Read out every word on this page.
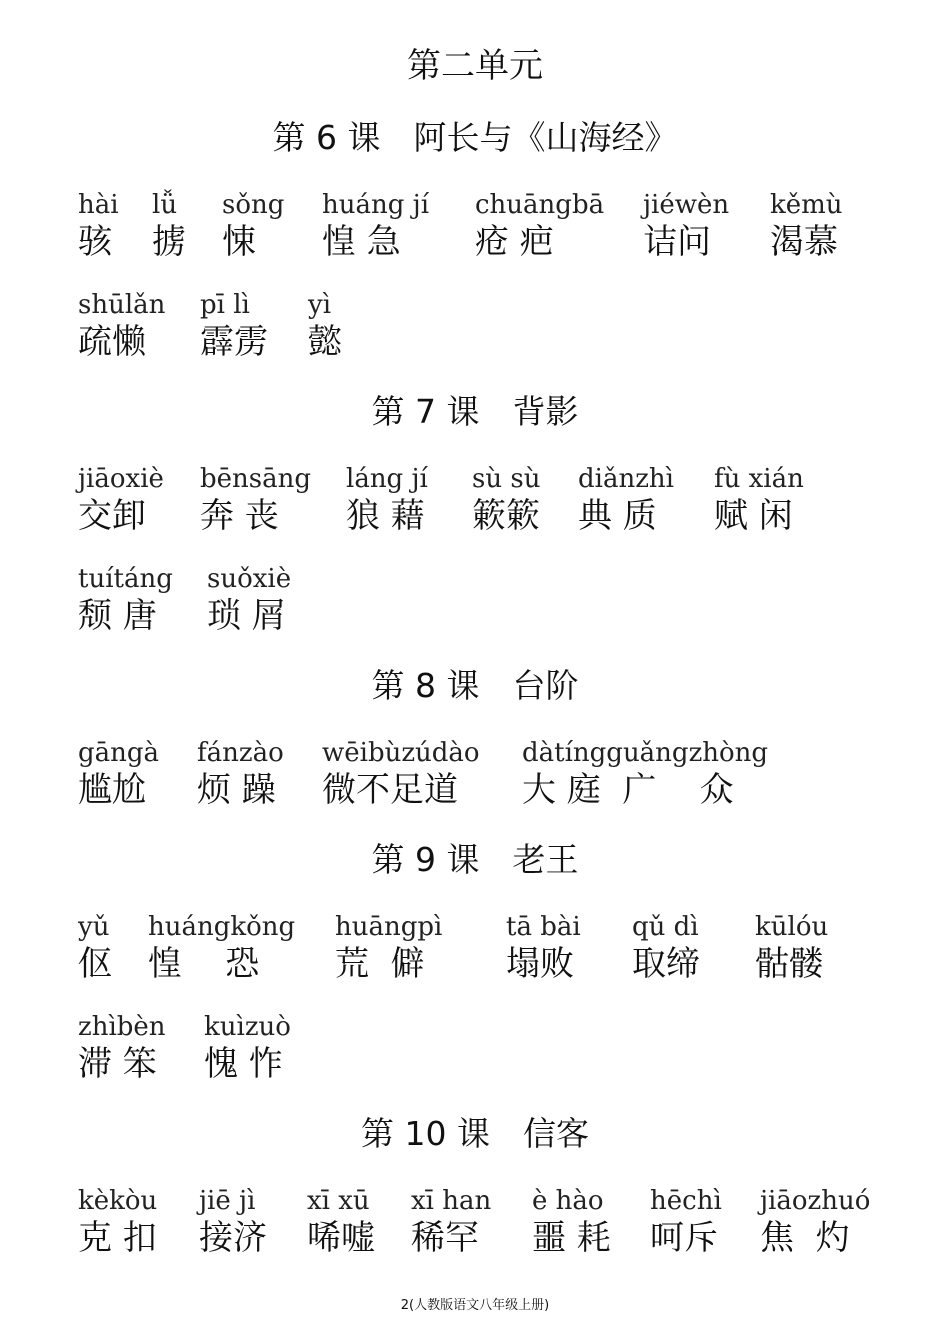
第二单元
第 6 课　阿长与《山海经》
hài
骇
lǚ
掳
sǒng
悚
huáng jí
惶 急
chuāngbā
疮 疤
jiéwèn
诘问
kěmù
渴慕
shūlǎn
疏懒
pī lì
霹雳
yì
懿
第 7 课　背影
jiāoxiè
交卸
bēnsāng
奔 丧
láng jí
狼 藉
sù sù
簌簌
diǎnzhì
典 质
fù xián
赋 闲
tuítáng
颓 唐
suǒxiè
琐 屑
第 8 课　台阶
gāngà
尴尬
fánzào
烦 躁
wēibùzúdào
微不足道
dàtíngguǎngzhòng
大 庭  广    众
第 9 课　老王
yǔ
伛
huángkǒng
惶    恐
huāngpì
荒  僻
tā bài
塌败
qǔ dì
取缔
kūlóu
骷髅
zhìbèn
滞 笨
kuìzuò
愧 怍
第 10 课　信客
kèkòu
克 扣
jiē jì
接济
xī xū
唏嘘
xī han
稀罕
è hào
噩 耗
hēchì
呵斥
jiāozhuó
焦  灼
2(人教版语文八年级上册)
